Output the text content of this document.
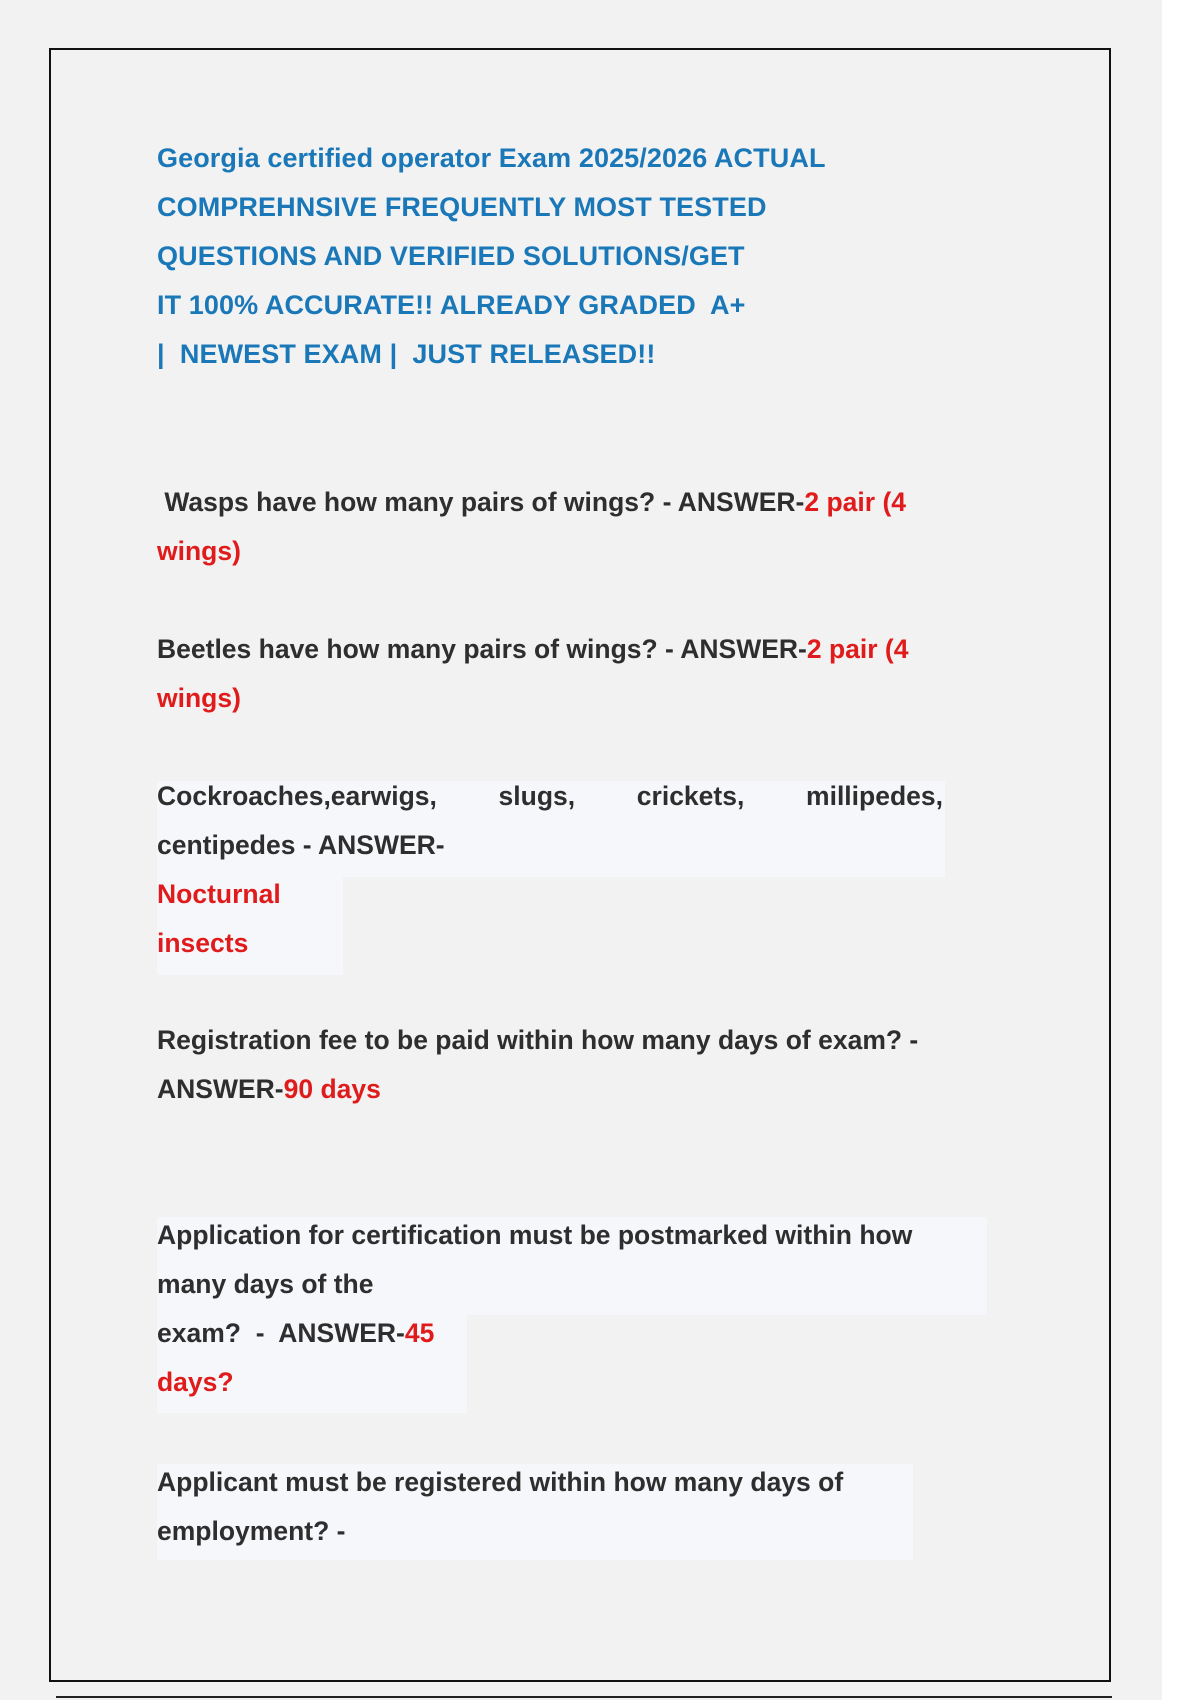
Georgia certified operator Exam 2025/2026 ACTUAL
COMPREHNSIVE FREQUENTLY MOST TESTED
QUESTIONS AND VERIFIED SOLUTIONS/GET
IT 100% ACCURATE!! ALREADY GRADED  A+
|  NEWEST EXAM |  JUST RELEASED!!
Wasps have how many pairs of wings? - ANSWER-2 pair (4
wings)
Beetles have how many pairs of wings? - ANSWER-2 pair (4
wings)
Cockroaches,earwigs, slugs, crickets, millipedes,
centipedes - ANSWER-
Nocturnal
insects
Registration fee to be paid within how many days of exam? -
ANSWER-90 days
Application for certification must be postmarked within how
many days of the
exam?  -  ANSWER-45
days?
Applicant must be registered within how many days of
employment? -
